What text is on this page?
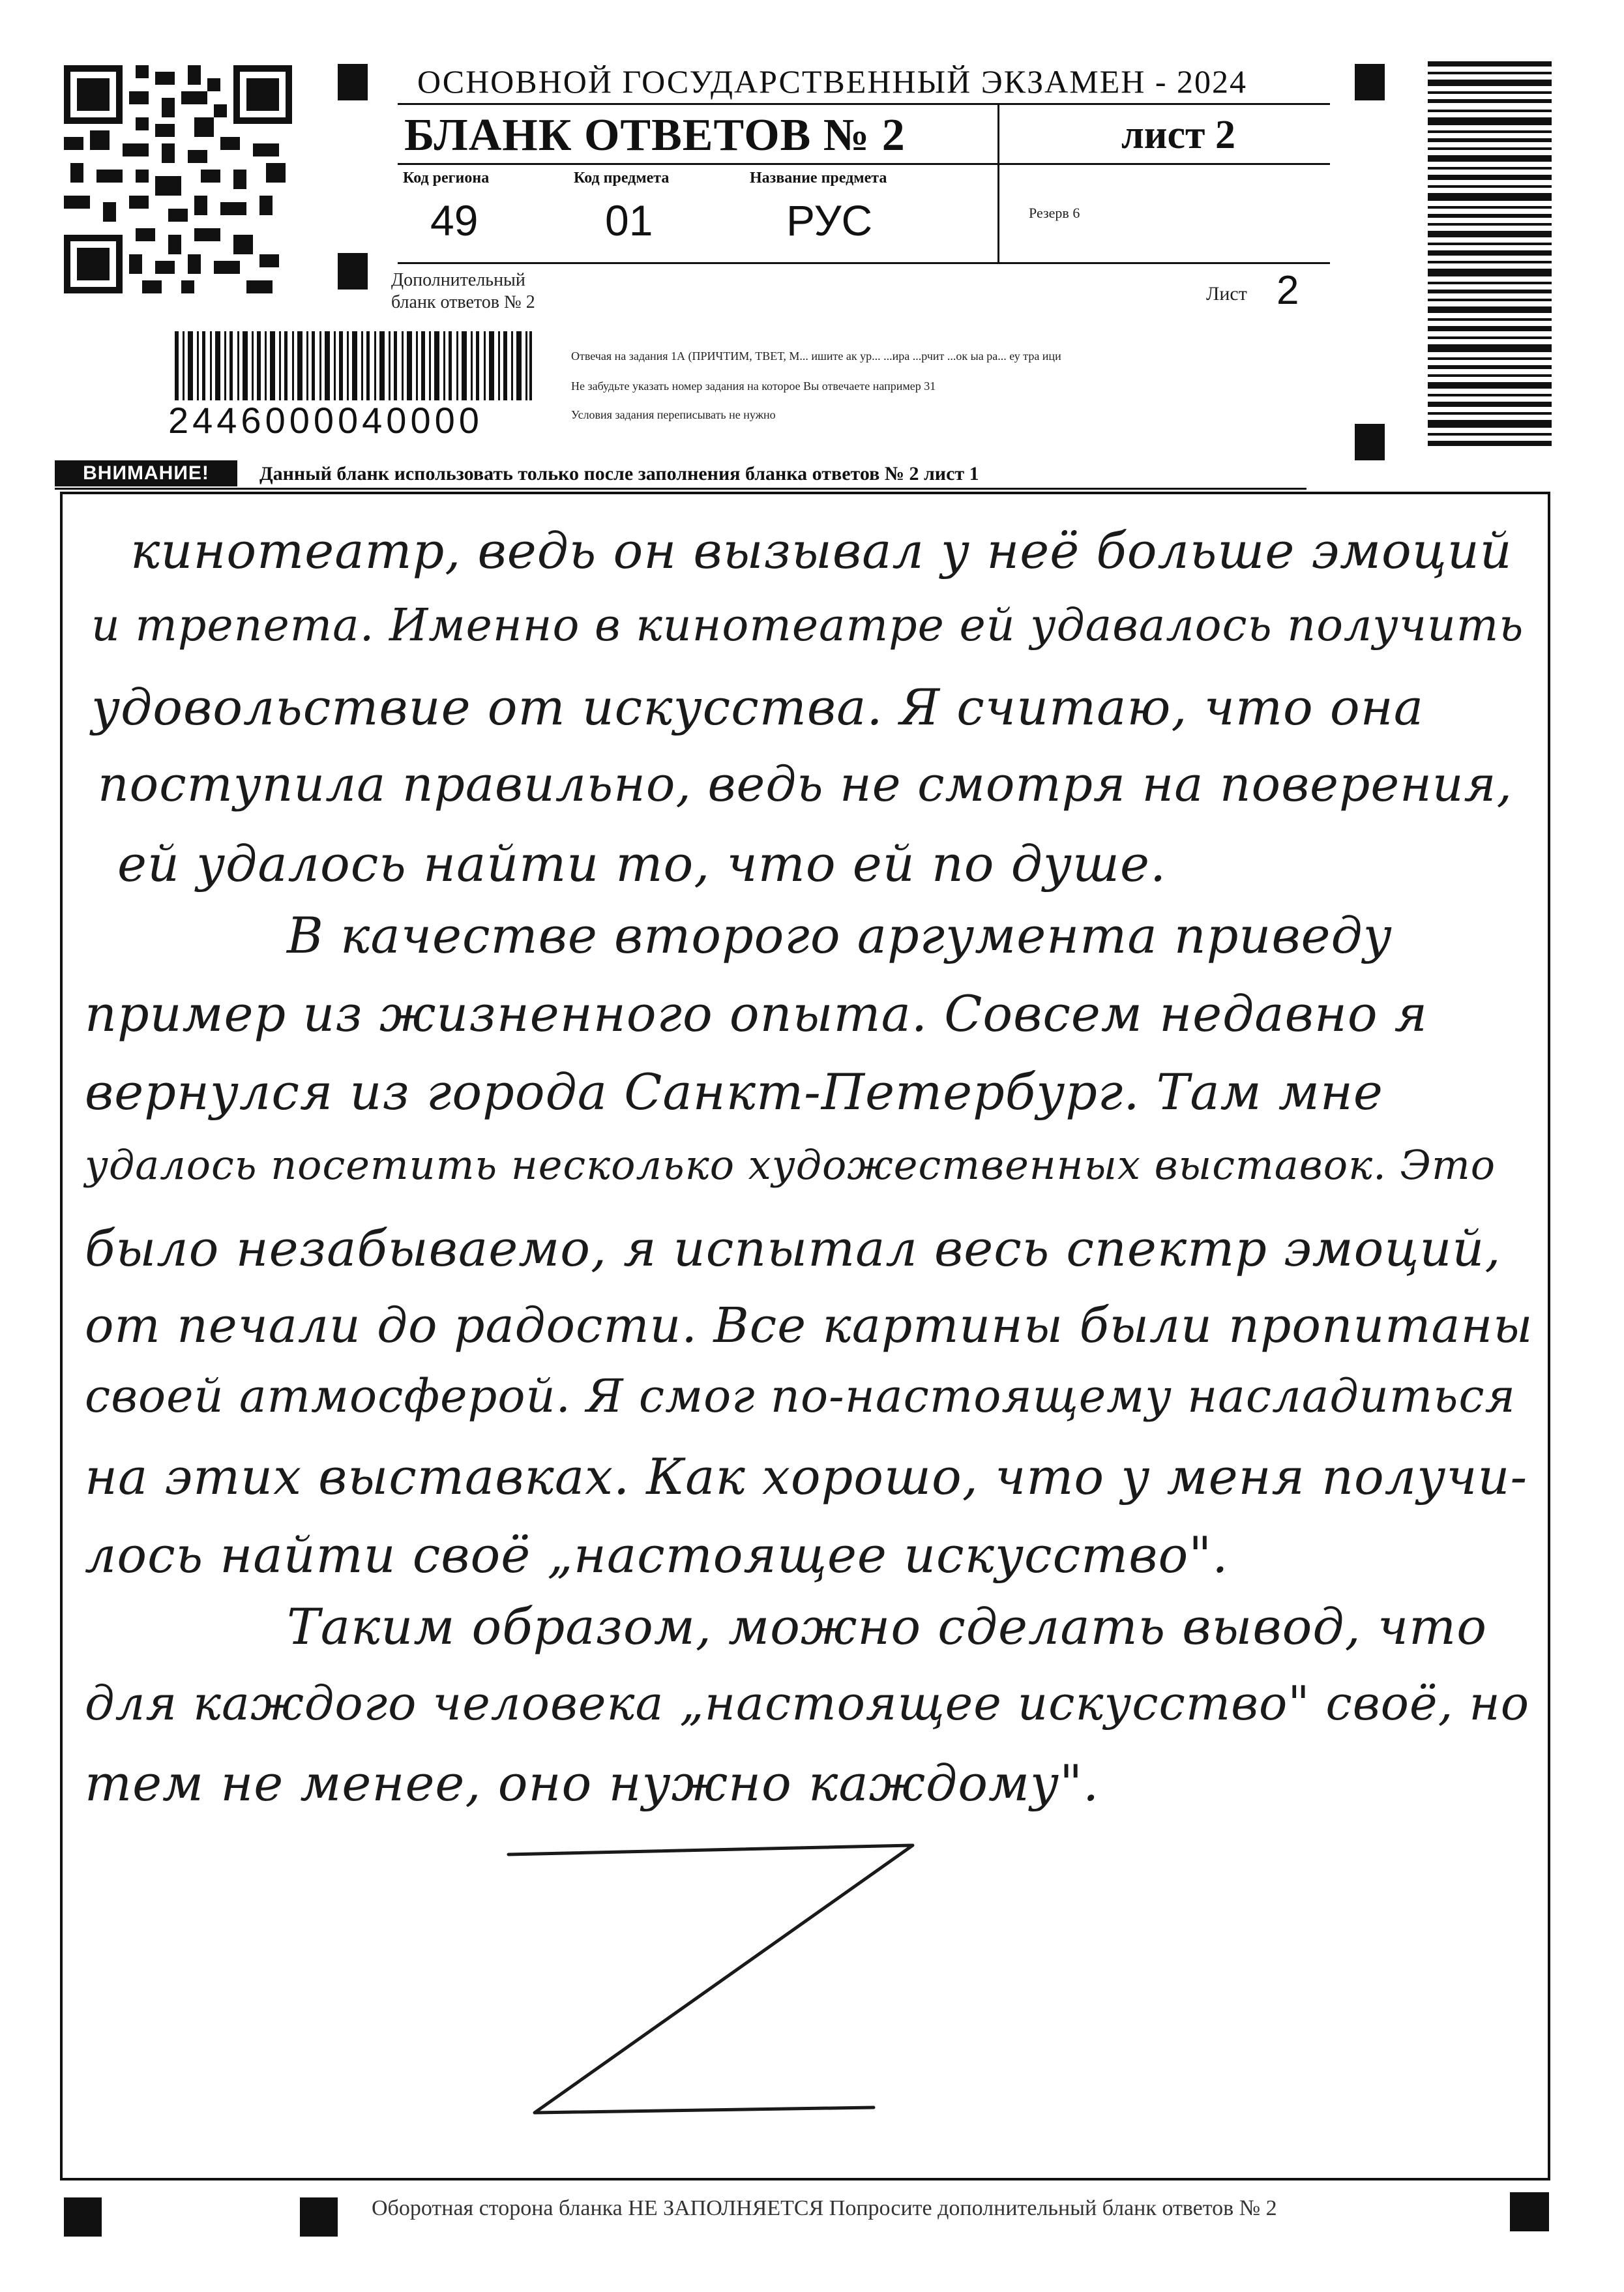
ОСНОВНОЙ ГОСУДАРСТВЕННЫЙ ЭКЗАМЕН - 2024
БЛАНК ОТВЕТОВ № 2	лист 2
Код региона
49
Код предмета
01
Название предмета
РУС	Резерв 6
Дополнительный
бланк ответов № 2	Лист 2
2446000040000
Отвечая на задания 1А (ПРИЧТИМ, ТВЕТ, М... ишите ак ур... ...ира ...рчит ...ок ыа ра... еу тра ици
Не забудьте указать номер задания на которое Вы отвечаете например 31
Условия задания переписывать не нужно
ВНИМАНИЕ!	Данный бланк использовать только после заполнения бланка ответов № 2 лист 1
кинотеатр, ведь он вызывал у неё больше эмоций
и трепета. Именно в кинотеатре ей удавалось получить
удовольствие от искусства. Я считаю, что она
поступила правильно, ведь не смотря на поверения,
ей удалось найти то, что ей по душе.
В качестве второго аргумента приведу
пример из жизненного опыта. Совсем недавно я
вернулся из города Санкт-Петербург. Там мне
удалось посетить несколько художественных выставок. Это
было незабываемо, я испытал весь спектр эмоций,
от печали до радости. Все картины были пропитаны
своей атмосферой. Я смог по-настоящему насладиться
на этих выставках. Как хорошо, что у меня получи-
лось найти своё „настоящее искусство".
Таким образом, можно сделать вывод, что
для каждого человека „настоящее искусство" своё, но
тем не менее, оно нужно каждому".
Оборотная сторона бланка НЕ ЗАПОЛНЯЕТСЯ Попросите дополнительный бланк ответов № 2
